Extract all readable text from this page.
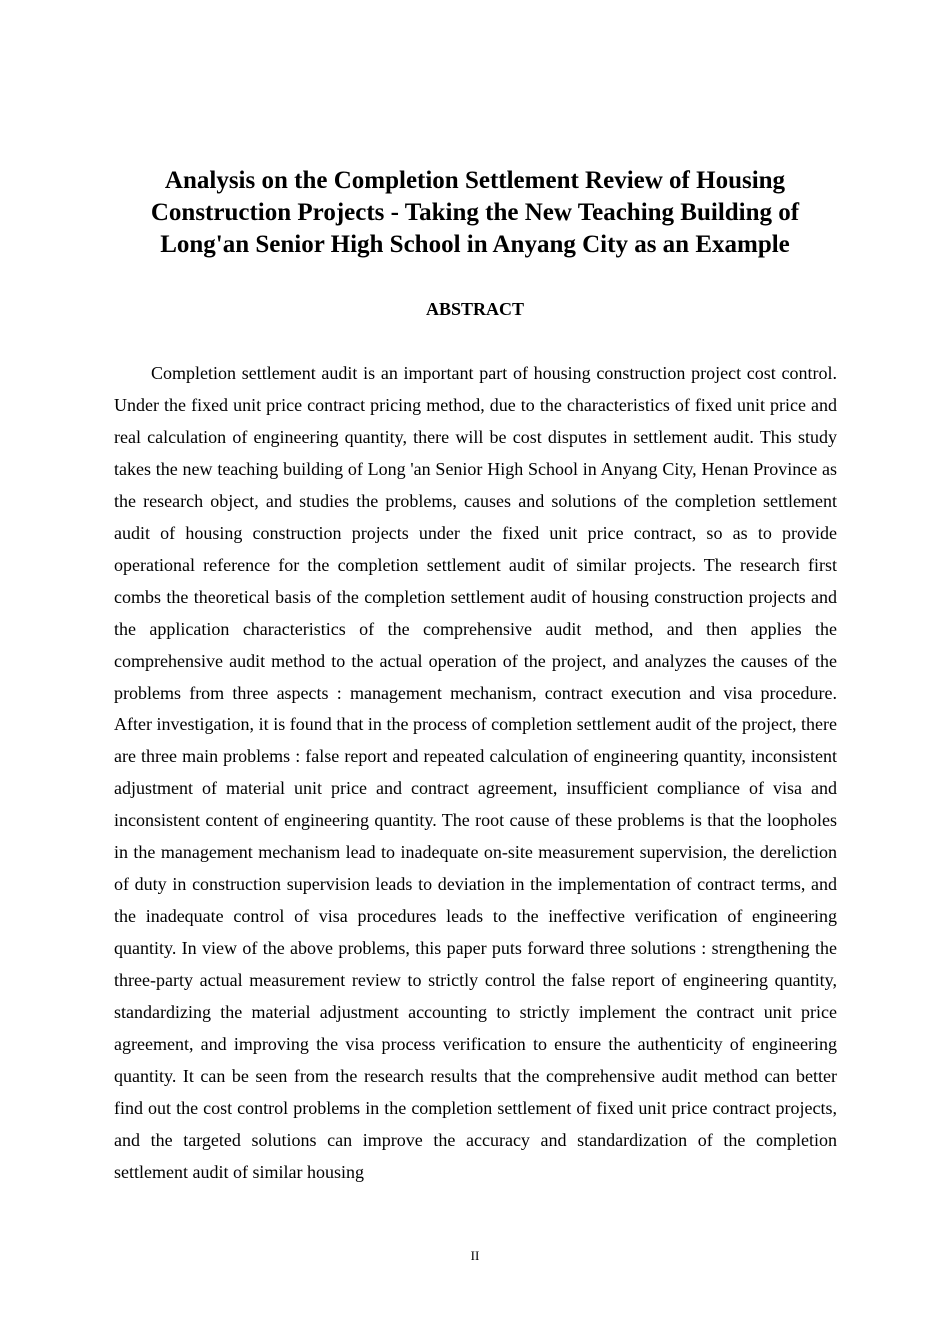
Analysis on the Completion Settlement Review of Housing Construction Projects - Taking the New Teaching Building of Long'an Senior High School in Anyang City as an Example
ABSTRACT

Completion settlement audit is an important part of housing construction project cost control. Under the fixed unit price contract pricing method, due to the characteristics of fixed unit price and real calculation of engineering quantity, there will be cost disputes in settlement audit. This study takes the new teaching building of Long 'an Senior High School in Anyang City, Henan Province as the research object, and studies the problems, causes and solutions of the completion settlement audit of housing construction projects under the fixed unit price contract, so as to provide operational reference for the completion settlement audit of similar projects. The research first combs the theoretical basis of the completion settlement audit of housing construction projects and the application characteristics of the comprehensive audit method, and then applies the comprehensive audit method to the actual operation of the project, and analyzes the causes of the problems from three aspects : management mechanism, contract execution and visa procedure. After investigation, it is found that in the process of completion settlement audit of the project, there are three main problems : false report and repeated calculation of engineering quantity, inconsistent adjustment of material unit price and contract agreement, insufficient compliance of visa and inconsistent content of engineering quantity. The root cause of these problems is that the loopholes in the management mechanism lead to inadequate on-site measurement supervision, the dereliction of duty in construction supervision leads to deviation in the implementation of contract terms, and the inadequate control of visa procedures leads to the ineffective verification of engineering quantity. In view of the above problems, this paper puts forward three solutions : strengthening the three-party actual measurement review to strictly control the false report of engineering quantity, standardizing the material adjustment accounting to strictly implement the contract unit price agreement, and improving the visa process verification to ensure the authenticity of engineering quantity. It can be seen from the research results that the comprehensive audit method can better find out the cost control problems in the completion settlement of fixed unit price contract projects, and the targeted solutions can improve the accuracy and standardization of the completion settlement audit of similar housing

II
